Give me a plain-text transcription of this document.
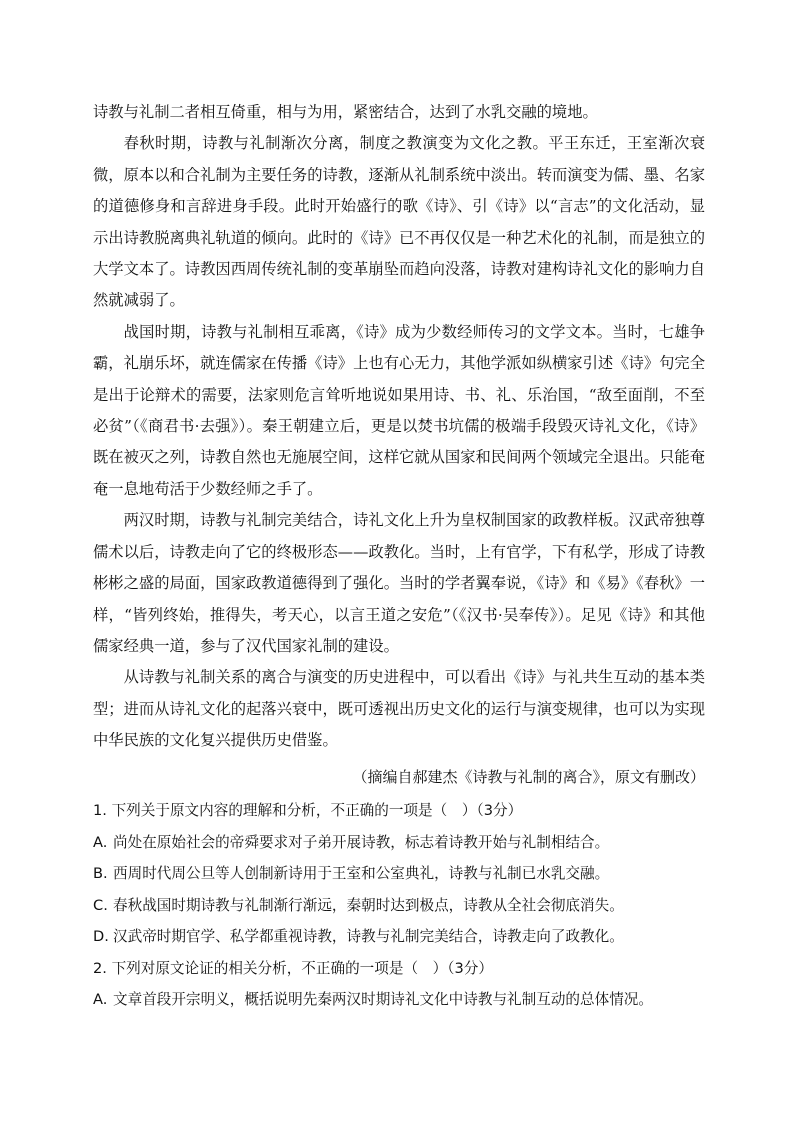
诗教与礼制二者相互倚重，相与为用，紧密结合，达到了水乳交融的境地。

春秋时期，诗教与礼制渐次分离，制度之教演变为文化之教。平王东迁，王室渐次衰微，原本以和合礼制为主要任务的诗教，逐渐从礼制系统中淡出。转而演变为儒、墨、名家的道德修身和言辞进身手段。此时开始盛行的歌《诗》、引《诗》以“言志”的文化活动，显示出诗教脱离典礼轨道的倾向。此时的《诗》已不再仅仅是一种艺术化的礼制，而是独立的大学文本了。诗教因西周传统礼制的变革崩坠而趋向没落，诗教对建构诗礼文化的影响力自然就减弱了。

战国时期，诗教与礼制相互乖离，《诗》成为少数经师传习的文学文本。当时，七雄争霸，礼崩乐坏，就连儒家在传播《诗》上也有心无力，其他学派如纵横家引述《诗》句完全是出于论辩术的需要，法家则危言耸听地说如果用诗、书、礼、乐治国，“敌至面削，不至必贫”（《商君书·去强》）。秦王朝建立后，更是以焚书坑儒的极端手段毁灭诗礼文化，《诗》既在被灭之列，诗教自然也无施展空间，这样它就从国家和民间两个领域完全退出。只能奄奄一息地苟活于少数经师之手了。

两汉时期，诗教与礼制完美结合，诗礼文化上升为皇权制国家的政教样板。汉武帝独尊儒术以后，诗教走向了它的终极形态——政教化。当时，上有官学，下有私学，形成了诗教彬彬之盛的局面，国家政教道德得到了强化。当时的学者翼奉说，《诗》和《易》《春秋》一样，“皆列终始，推得失，考天心，以言王道之安危”（《汉书·吴奉传》）。足见《诗》和其他儒家经典一道，参与了汉代国家礼制的建设。

从诗教与礼制关系的离合与演变的历史进程中，可以看出《诗》与礼共生互动的基本类型；进而从诗礼文化的起落兴衰中，既可透视出历史文化的运行与演变规律，也可以为实现中华民族的文化复兴提供历史借鉴。

（摘编自郝建杰《诗教与礼制的离合》，原文有删改）
1. 下列关于原文内容的理解和分析，不正确的一项是（　）（3分）
A. 尚处在原始社会的帝舜要求对子弟开展诗教，标志着诗教开始与礼制相结合。
B. 西周时代周公旦等人创制新诗用于王室和公室典礼，诗教与礼制已水乳交融。
C. 春秋战国时期诗教与礼制渐行渐远，秦朝时达到极点，诗教从全社会彻底消失。
D. 汉武帝时期官学、私学都重视诗教，诗教与礼制完美结合，诗教走向了政教化。
2. 下列对原文论证的相关分析，不正确的一项是（　）（3分）
A. 文章首段开宗明义，概括说明先秦两汉时期诗礼文化中诗教与礼制互动的总体情况。
